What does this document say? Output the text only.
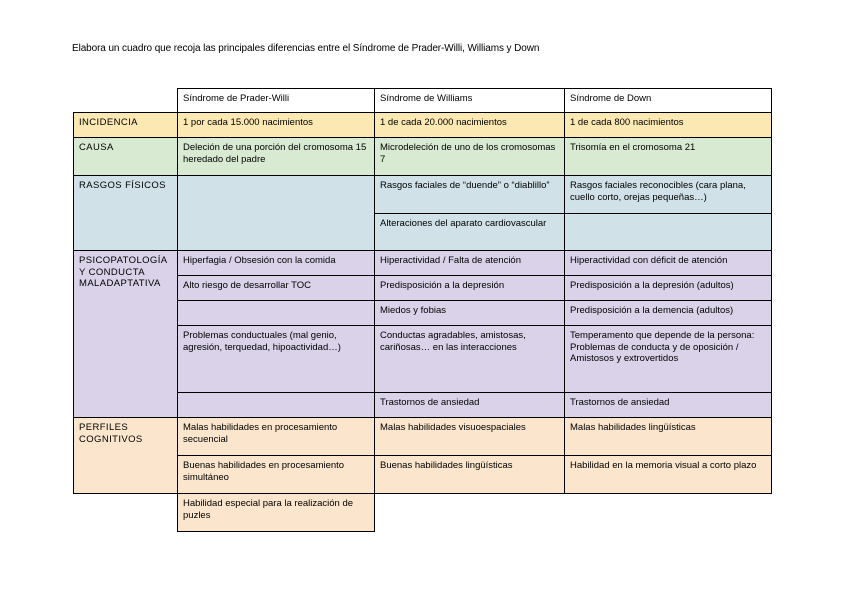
Elabora un cuadro que recoja las principales diferencias entre el Síndrome de Prader-Willi, Williams y Down
	Síndrome de Prader-Willi	Síndrome de Williams	Síndrome de Down
INCIDENCIA	1 por cada 15.000 nacimientos	1 de cada 20.000 nacimientos	1 de cada 800 nacimientos
CAUSA	Deleción de una porción del cromosoma 15 heredado del padre	Microdeleción de uno de los cromosomas 7	Trisomía en el cromosoma 21
RASGOS FÍSICOS		Rasgos faciales de “duende” o “diablillo”	Rasgos faciales reconocibles (cara plana, cuello corto, orejas pequeñas…)
		Alteraciones del aparato cardiovascular	
PSICOPATOLOGÍA Y CONDUCTA MALADAPTATIVA	Hiperfagia / Obsesión con la comida	Hiperactividad / Falta de atención	Hiperactividad con déficit de atención
	Alto riesgo de desarrollar TOC	Predisposición a la depresión	Predisposición a la depresión (adultos)
		Miedos y fobias	Predisposición a la demencia (adultos)
	Problemas conductuales (mal genio, agresión, terquedad, hipoactividad…)	Conductas agradables, amistosas, cariñosas… en las interacciones	Temperamento que depende de la persona:
Problemas de conducta y de oposición / Amistosos y extrovertidos

		Trastornos de ansiedad	Trastornos de ansiedad
PERFILES COGNITIVOS	Malas habilidades en procesamiento secuencial	Malas habilidades visuoespaciales	Malas habilidades lingüísticas
	Buenas habilidades en procesamiento simultáneo	Buenas habilidades lingüísticas	Habilidad en la memoria visual a corto plazo
	Habilidad especial para la realización de puzles		
